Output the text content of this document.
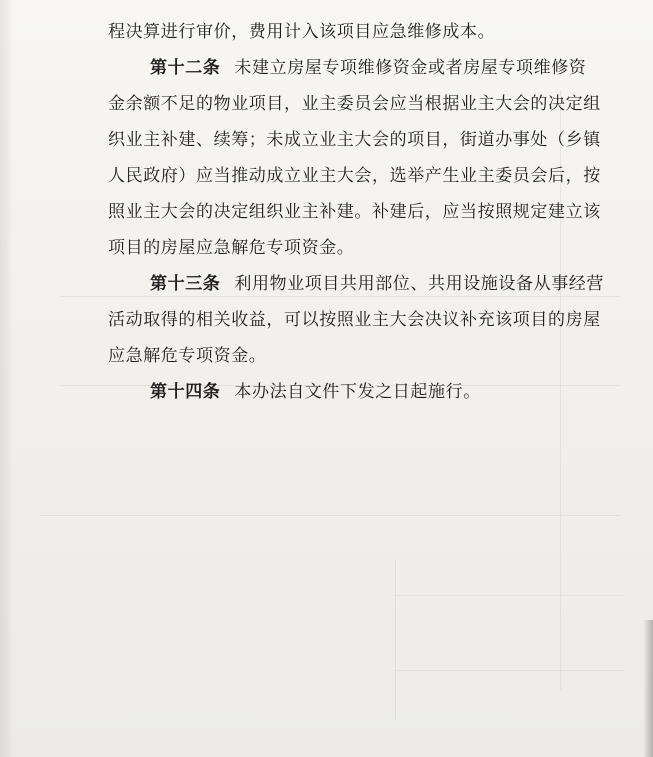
程决算进行审价，费用计入该项目应急维修成本。
第十二条 未建立房屋专项维修资金或者房屋专项维修资
金余额不足的物业项目，业主委员会应当根据业主大会的决定组
织业主补建、续筹；未成立业主大会的项目，街道办事处（乡镇
人民政府）应当推动成立业主大会，选举产生业主委员会后，按
照业主大会的决定组织业主补建。补建后，应当按照规定建立该
项目的房屋应急解危专项资金。
第十三条 利用物业项目共用部位、共用设施设备从事经营
活动取得的相关收益，可以按照业主大会决议补充该项目的房屋
应急解危专项资金。
第十四条 本办法自文件下发之日起施行。
